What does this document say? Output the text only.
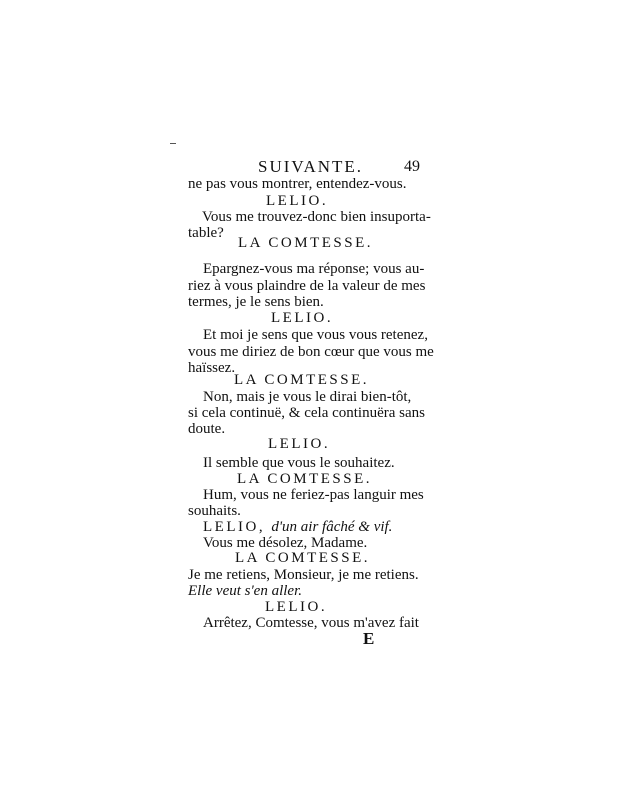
SUIVANTE.	49
ne pas vous montrer, entendez-vous.
LELIO.
Vous me trouvez-donc bien insuporta-
table?
LA COMTESSE.
Epargnez-vous ma réponse; vous au-
riez à vous plaindre de la valeur de mes
termes, je le sens bien.
LELIO.
Et moi je sens que vous vous retenez,
vous me diriez de bon cœur que vous me
haïssez.
LA COMTESSE.
Non, mais je vous le dirai bien-tôt,
si cela continuë, & cela continuëra sans
doute.
LELIO.
Il semble que vous le souhaitez.
LA COMTESSE.
Hum, vous ne feriez-pas languir mes
souhaits.
LELIO, d'un air fâché & vif.
Vous me désolez, Madame.
LA COMTESSE.
Je me retiens, Monsieur, je me retiens.
Elle veut s'en aller.
LELIO.
Arrêtez, Comtesse, vous m'avez fait
E
